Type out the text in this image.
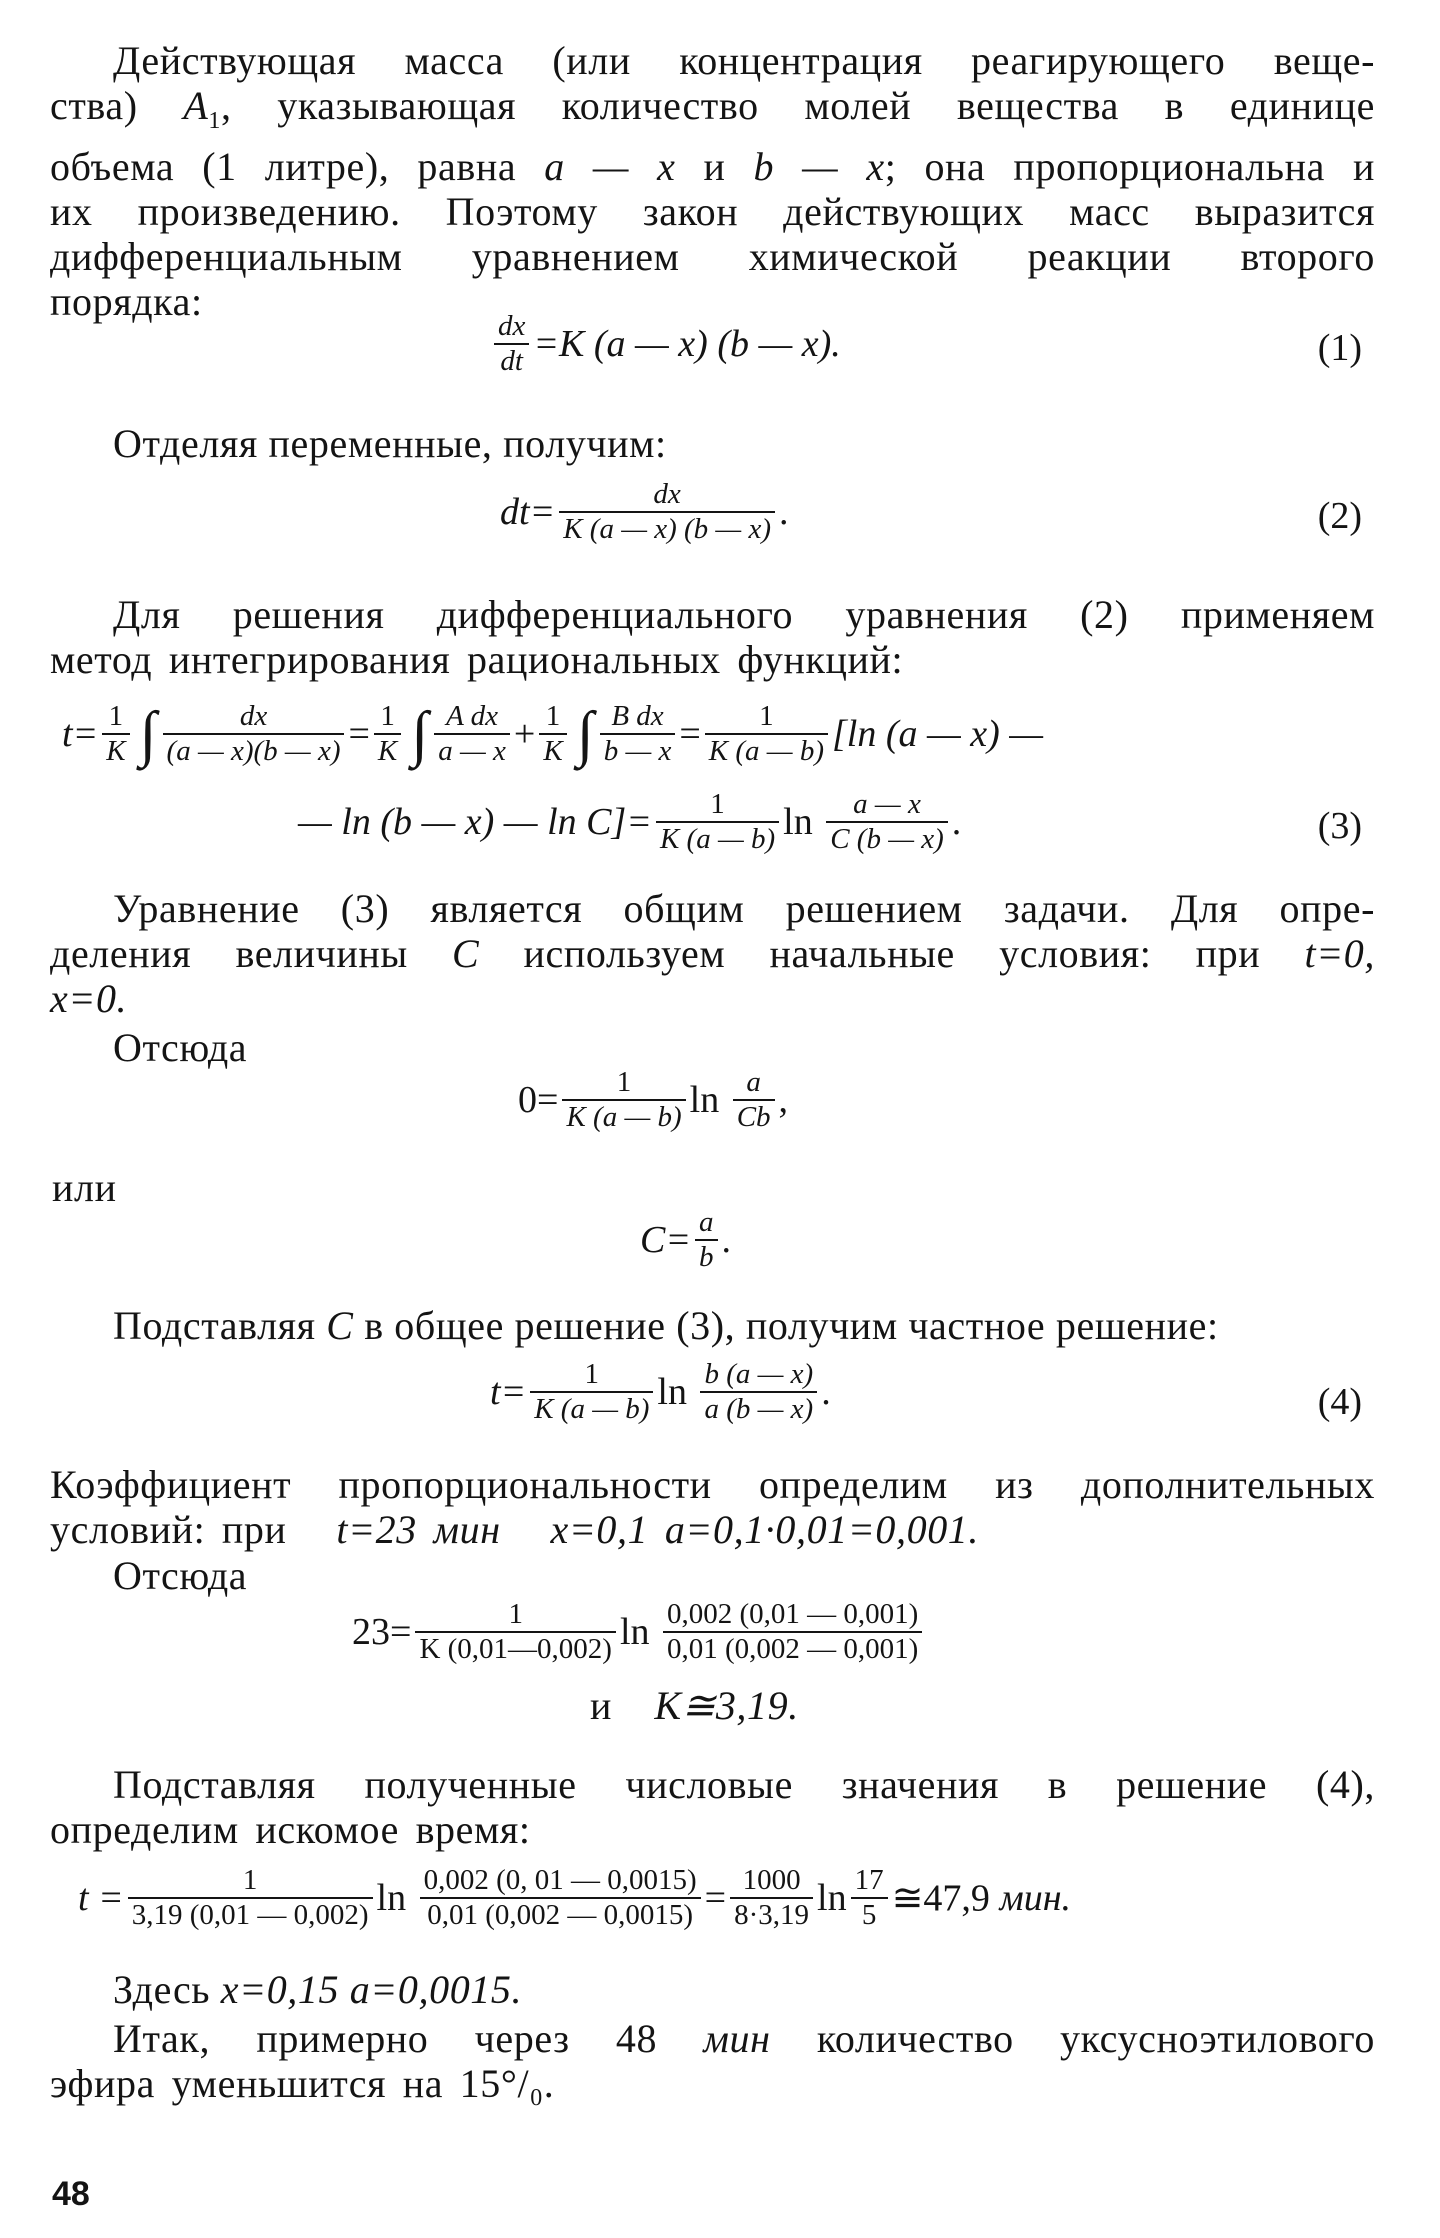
Действующая масса (или концентрация реагирующего веще-
ства) $A_1$, указывающая количество молей вещества в единице
объема (1 литре), равна a — x и b — x; она пропорциональна и
их произведению. Поэтому закон действующих масс выразится
дифференциальным уравнением химической реакции второго
порядка:
$\frac{dx}{dt} =K$ (a — x) (b — x).	(1)
Отделяя переменные, получим:
$dt= \frac{dx}{K (a — x) (b — x)}$ .	(2)
Для решения дифференциального уравнения (2) применяем
метод интегрирования рациональных функций:
$t= \frac{1}{K}$ ∫ $\frac{dx}{(a — x)(b — x)} = \frac{1}{K}$ ∫ $\frac{\text{A dx}}{a — x} + \frac{1}{K}$ ∫ $\frac{\text{B dx}}{b — x} = \frac{1}{K (a — b)} [\ln$ (a — x) —
— ln (b — x) — $\ln C]= \frac{1}{K (a — b)}$ $\ln \frac{a — x}{C (b — x)}$ .	(3)
Уравнение (3) является общим решением задачи. Для опре-
деления величины C используем начальные условия: при t=0,
x=0.
Отсюда
$0= \frac{1}{K (a — b)}$ $\ln \frac{a}{Cb}$ ,
или
$C= \frac{a}{b}$ .
Подставляя C в общее решение (3), получим частное решение:
$t= \frac{1}{K (a — b)}$ $\ln \frac{b (a — x)}{a (b — x)}$ .	(4)
Коэффициент пропорциональности определим из дополнительных
условий: при t=23 мин x=0,1 a=0,1·0,01=0,001.
Отсюда
$23= \frac{1}{K (0,01—0,002)}$ $\ln \frac{0,002 (0,01 — 0,001)}{0,01 (0,002 — 0,001)}$
и K≅3,19.
Подставляя полученные числовые значения в решение (4),
определим искомое время:
$t = \frac{1}{3,19 (0,01 — 0,002)}$ $\ln \frac{0,002 (0, 01 — 0,0015)}{0,01 (0,002 — 0,0015)} = \frac{1000}{8\cdot 3,19}$ $\ln \frac{17}{5}$ ≅47,9 мин.
Здесь x=0,15 a=0,0015.
Итак, примерно через 48 мин количество уксусноэтилового
эфира уменьшится на 15°/₀.
48
